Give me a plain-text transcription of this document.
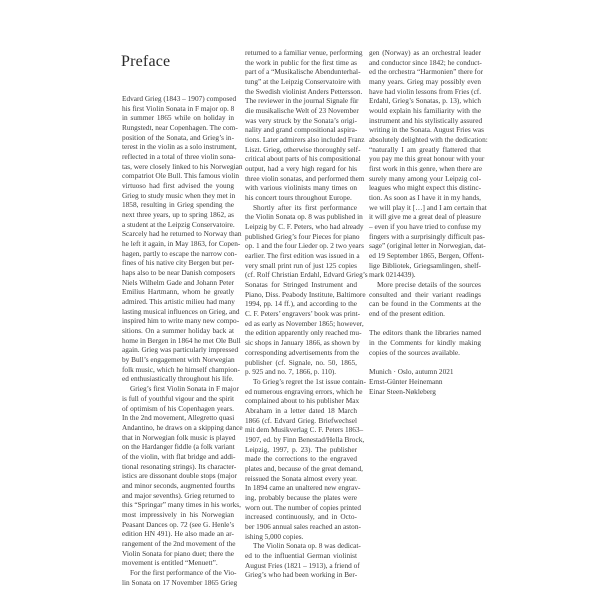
Preface
Edvard Grieg (1843 – 1907) composed
his first Violin Sonata in F major op. 8
in summer 1865 while on holiday in
Rungstedt, near Copenhagen. The com-
position of the Sonata, and Grieg’s in-
terest in the violin as a solo instrument,
reflected in a total of three violin sona-
tas, were closely linked to his Norwegian
compatriot Ole Bull. This famous violin
virtuoso had first advised the young
Grieg to study music when they met in
1858, resulting in Grieg spending the
next three years, up to spring 1862, as
a student at the Leipzig Conservatoire.
Scarcely had he returned to Norway than
he left it again, in May 1863, for Copen-
hagen, partly to escape the narrow con-
fines of his native city Bergen but per-
haps also to be near Danish composers
Niels Wilhelm Gade and Johann Peter
Emilius Hartmann, whom he greatly
admired. This artistic milieu had many
lasting musical influences on Grieg, and
inspired him to write many new compo-
sitions. On a summer holiday back at
home in Bergen in 1864 he met Ole Bull
again. Grieg was particularly impressed
by Bull’s engagement with Norwegian
folk music, which he himself champion-
ed enthusiastically throughout his life.
Grieg’s first Violin Sonata in F major
is full of youthful vigour and the spirit
of optimism of his Copenhagen years.
In the 2nd movement, Allegretto quasi
Andantino, he draws on a skipping dance
that in Norwegian folk music is played
on the Hardanger fiddle (a folk variant
of the violin, with flat bridge and addi-
tional resonating strings). Its character-
istics are dissonant double stops (major
and minor seconds, augmented fourths
and major sevenths). Grieg returned to
this “Springar” many times in his works,
most impressively in his Norwegian
Peasant Dances op. 72 (see G. Henle’s
edition HN 491). He also made an ar-
rangement of the 2nd movement of the
Violin Sonata for piano duet; there the
movement is entitled “Menuett”.
For the first performance of the Vio-
lin Sonata on 17 November 1865 Grieg
returned to a familiar venue, performing
the work in public for the first time as
part of a “Musikalische Abendunterhal-
tung” at the Leipzig Conservatoire with
the Swedish violinist Anders Pettersson.
The reviewer in the journal Signale für
die musikalische Welt of 23 November
was very struck by the Sonata’s origi-
nality and grand compositional aspira-
tions. Later admirers also included Franz
Liszt. Grieg, otherwise thoroughly self-
critical about parts of his compositional
output, had a very high regard for his
three violin sonatas, and performed them
with various violinists many times on
his concert tours throughout Europe.
Shortly after its first performance
the Violin Sonata op. 8 was published in
Leipzig by C. F. Peters, who had already
published Grieg’s four Pieces for piano
op. 1 and the four Lieder op. 2 two years
earlier. The first edition was issued in a
very small print run of just 125 copies
(cf. Rolf Christian Erdahl, Edvard Grieg’s
Sonatas for Stringed Instrument and
Piano, Diss. Peabody Institute, Baltimore
1994, pp. 14 ff.), and according to the
C. F. Peters’ engravers’ book was print-
ed as early as November 1865; however,
the edition apparently only reached mu-
sic shops in January 1866, as shown by
corresponding advertisements from the
publisher (cf. Signale, no. 50, 1865,
p. 925 and no. 7, 1866, p. 110).
To Grieg’s regret the 1st issue contain-
ed numerous engraving errors, which he
complained about to his publisher Max
Abraham in a letter dated 18 March
1866 (cf. Edvard Grieg. Briefwechsel
mit dem Musikverlag C. F. Peters 1863–
1907, ed. by Finn Benestad/Hella Brock,
Leipzig, 1997, p. 23). The publisher
made the corrections to the engraved
plates and, because of the great demand,
reissued the Sonata almost every year.
In 1894 came an unaltered new engrav-
ing, probably because the plates were
worn out. The number of copies printed
increased continuously, and in Octo-
ber 1906 annual sales reached an aston-
ishing 5,000 copies.
The Violin Sonata op. 8 was dedicat-
ed to the influential German violinist
August Fries (1821 – 1913), a friend of
Grieg’s who had been working in Ber-
gen (Norway) as an orchestral leader
and conductor since 1842; he conduct-
ed the orchestra “Harmonien” there for
many years. Grieg may possibly even
have had violin lessons from Fries (cf.
Erdahl, Grieg’s Sonatas, p. 13), which
would explain his familiarity with the
instrument and his stylistically assured
writing in the Sonata. August Fries was
absolutely delighted with the dedication:
“naturally I am greatly flattered that
you pay me this great honour with your
first work in this genre, when there are
surely many among your Leipzig col-
leagues who might expect this distinc-
tion. As soon as I have it in my hands,
we will play it […] and I am certain that
it will give me a great deal of pleasure
– even if you have tried to confuse my
fingers with a surprisingly difficult pas-
sage” (original letter in Norwegian, dat-
ed 19 September 1865, Bergen, Offent-
lige Bibliotek, Griegsamlingen, shelf-
mark 0214439).
More precise details of the sources
consulted and their variant readings
can be found in the Comments at the
end of the present edition.
The editors thank the libraries named
in the Comments for kindly making
copies of the sources available.
Munich · Oslo, autumn 2021
Ernst-Günter Heinemann
Einar Steen-Nøkleberg
